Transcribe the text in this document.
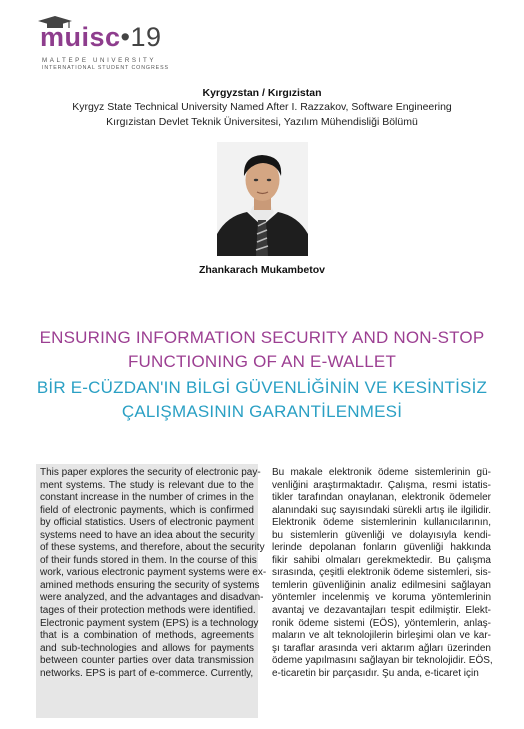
muisc•19
MALTEPE UNIVERSITY
INTERNATIONAL STUDENT CONGRESS
Kyrgyzstan / Kırgızistan
Kyrgyz State Technical University Named After I. Razzakov, Software Engineering
Kırgızistan Devlet Teknik Üniversitesi, Yazılım Mühendisliği Bölümü
Zhankarach Mukambetov
ENSURING INFORMATION SECURITY AND NON-STOP
FUNCTIONING OF AN E-WALLET
BİR E-CÜZDAN'IN BİLGİ GÜVENLİĞİNİN VE KESİNTİSİZ
ÇALIŞMASININ GARANTİLENMESİ
This paper explores the security of electronic pay-
ment systems. The study is relevant due to the
constant increase in the number of crimes in the
field of electronic payments, which is confirmed
by official statistics. Users of electronic payment
systems need to have an idea about the security
of these systems, and therefore, about the security
of their funds stored in them. In the course of this
work, various electronic payment systems were ex-
amined methods ensuring the security of systems
were analyzed, and the advantages and disadvan-
tages of their protection methods were identified.
Electronic payment system (EPS) is a technology
that is a combination of methods, agreements
and sub-technologies and allows for payments
between counter parties over data transmission
networks. EPS is part of e-commerce. Currently,
Bu makale elektronik ödeme sistemlerinin gü-
venliğini araştırmaktadır. Çalışma, resmi istatis-
tikler tarafından onaylanan, elektronik ödemeler
alanındaki suç sayısındaki sürekli artış ile ilgilidir.
Elektronik ödeme sistemlerinin kullanıcılarının,
bu sistemlerin güvenliği ve dolayısıyla kendi-
lerinde depolanan fonların güvenliği hakkında
fikir sahibi olmaları gerekmektedir. Bu çalışma
sırasında, çeşitli elektronik ödeme sistemleri, sis-
temlerin güvenliğinin analiz edilmesini sağlayan
yöntemler incelenmiş ve koruma yöntemlerinin
avantaj ve dezavantajları tespit edilmiştir. Elekt-
ronik ödeme sistemi (EÖS), yöntemlerin, anlaş-
maların ve alt teknolojilerin birleşimi olan ve kar-
şı taraflar arasında veri aktarım ağları üzerinden
ödeme yapılmasını sağlayan bir teknolojidir. EÖS,
e-ticaretin bir parçasıdır. Şu anda, e-ticaret için
